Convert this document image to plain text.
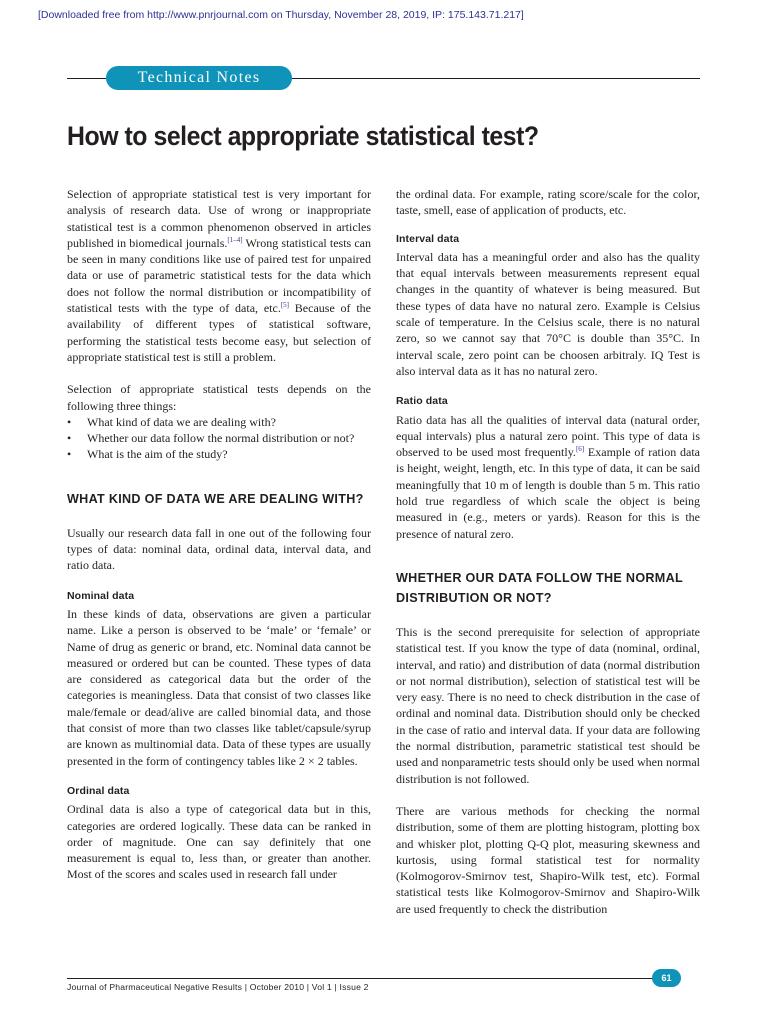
[Downloaded free from http://www.pnrjournal.com on Thursday, November 28, 2019, IP: 175.143.71.217]
Technical Notes
How to select appropriate statistical test?

Selection of appropriate statistical test is very important for analysis of research data. Use of wrong or inappropriate statistical test is a common phenomenon observed in articles published in biomedical journals.[1–4] Wrong statistical tests can be seen in many conditions like use of paired test for unpaired data or use of parametric statistical tests for the data which does not follow the normal distribution or incompatibility of statistical tests with the type of data, etc.[5] Because of the availability of different types of statistical software, performing the statistical tests become easy, but selection of appropriate statistical test is still a problem.

Selection of appropriate statistical tests depends on the following three things:

• What kind of data we are dealing with?
• Whether our data follow the normal distribution or not?
• What is the aim of the study?
WHAT KIND OF DATA WE ARE DEALING WITH?

Usually our research data fall in one out of the following four types of data: nominal data, ordinal data, interval data, and ratio data.

Nominal data

In these kinds of data, observations are given a particular name. Like a person is observed to be ‘male’ or ‘female’ or Name of drug as generic or brand, etc. Nominal data cannot be measured or ordered but can be counted. These types of data are considered as categorical data but the order of the categories is meaningless. Data that consist of two classes like male/female or dead/alive are called binomial data, and those that consist of more than two classes like tablet/capsule/syrup are known as multinomial data. Data of these types are usually presented in the form of contingency tables like 2 × 2 tables.

Ordinal data

Ordinal data is also a type of categorical data but in this, categories are ordered logically. These data can be ranked in order of magnitude. One can say definitely that one measurement is equal to, less than, or greater than another. Most of the scores and scales used in research fall under

the ordinal data. For example, rating score/scale for the color, taste, smell, ease of application of products, etc.

Interval data

Interval data has a meaningful order and also has the quality that equal intervals between measurements represent equal changes in the quantity of whatever is being measured. But these types of data have no natural zero. Example is Celsius scale of temperature. In the Celsius scale, there is no natural zero, so we cannot say that 70°C is double than 35°C. In interval scale, zero point can be choosen arbitraly. IQ Test is also interval data as it has no natural zero.

Ratio data

Ratio data has all the qualities of interval data (natural order, equal intervals) plus a natural zero point. This type of data is observed to be used most frequently.[6] Example of ration data is height, weight, length, etc. In this type of data, it can be said meaningfully that 10 m of length is double than 5 m. This ratio hold true regardless of which scale the object is being measured in (e.g., meters or yards). Reason for this is the presence of natural zero.

WHETHER OUR DATA FOLLOW THE NORMAL DISTRIBUTION OR NOT?

This is the second prerequisite for selection of appropriate statistical test. If you know the type of data (nominal, ordinal, interval, and ratio) and distribution of data (normal distribution or not normal distribution), selection of statistical test will be very easy. There is no need to check distribution in the case of ordinal and nominal data. Distribution should only be checked in the case of ratio and interval data. If your data are following the normal distribution, parametric statistical test should be used and nonparametric tests should only be used when normal distribution is not followed.

There are various methods for checking the normal distribution, some of them are plotting histogram, plotting box and whisker plot, plotting Q-Q plot, measuring skewness and kurtosis, using formal statistical test for normality (Kolmogorov-Smirnov test, Shapiro-Wilk test, etc). Formal statistical tests like Kolmogorov-Smirnov and Shapiro-Wilk are used frequently to check the distribution

61
Journal of Pharmaceutical Negative Results | October 2010 | Vol 1 | Issue 2
